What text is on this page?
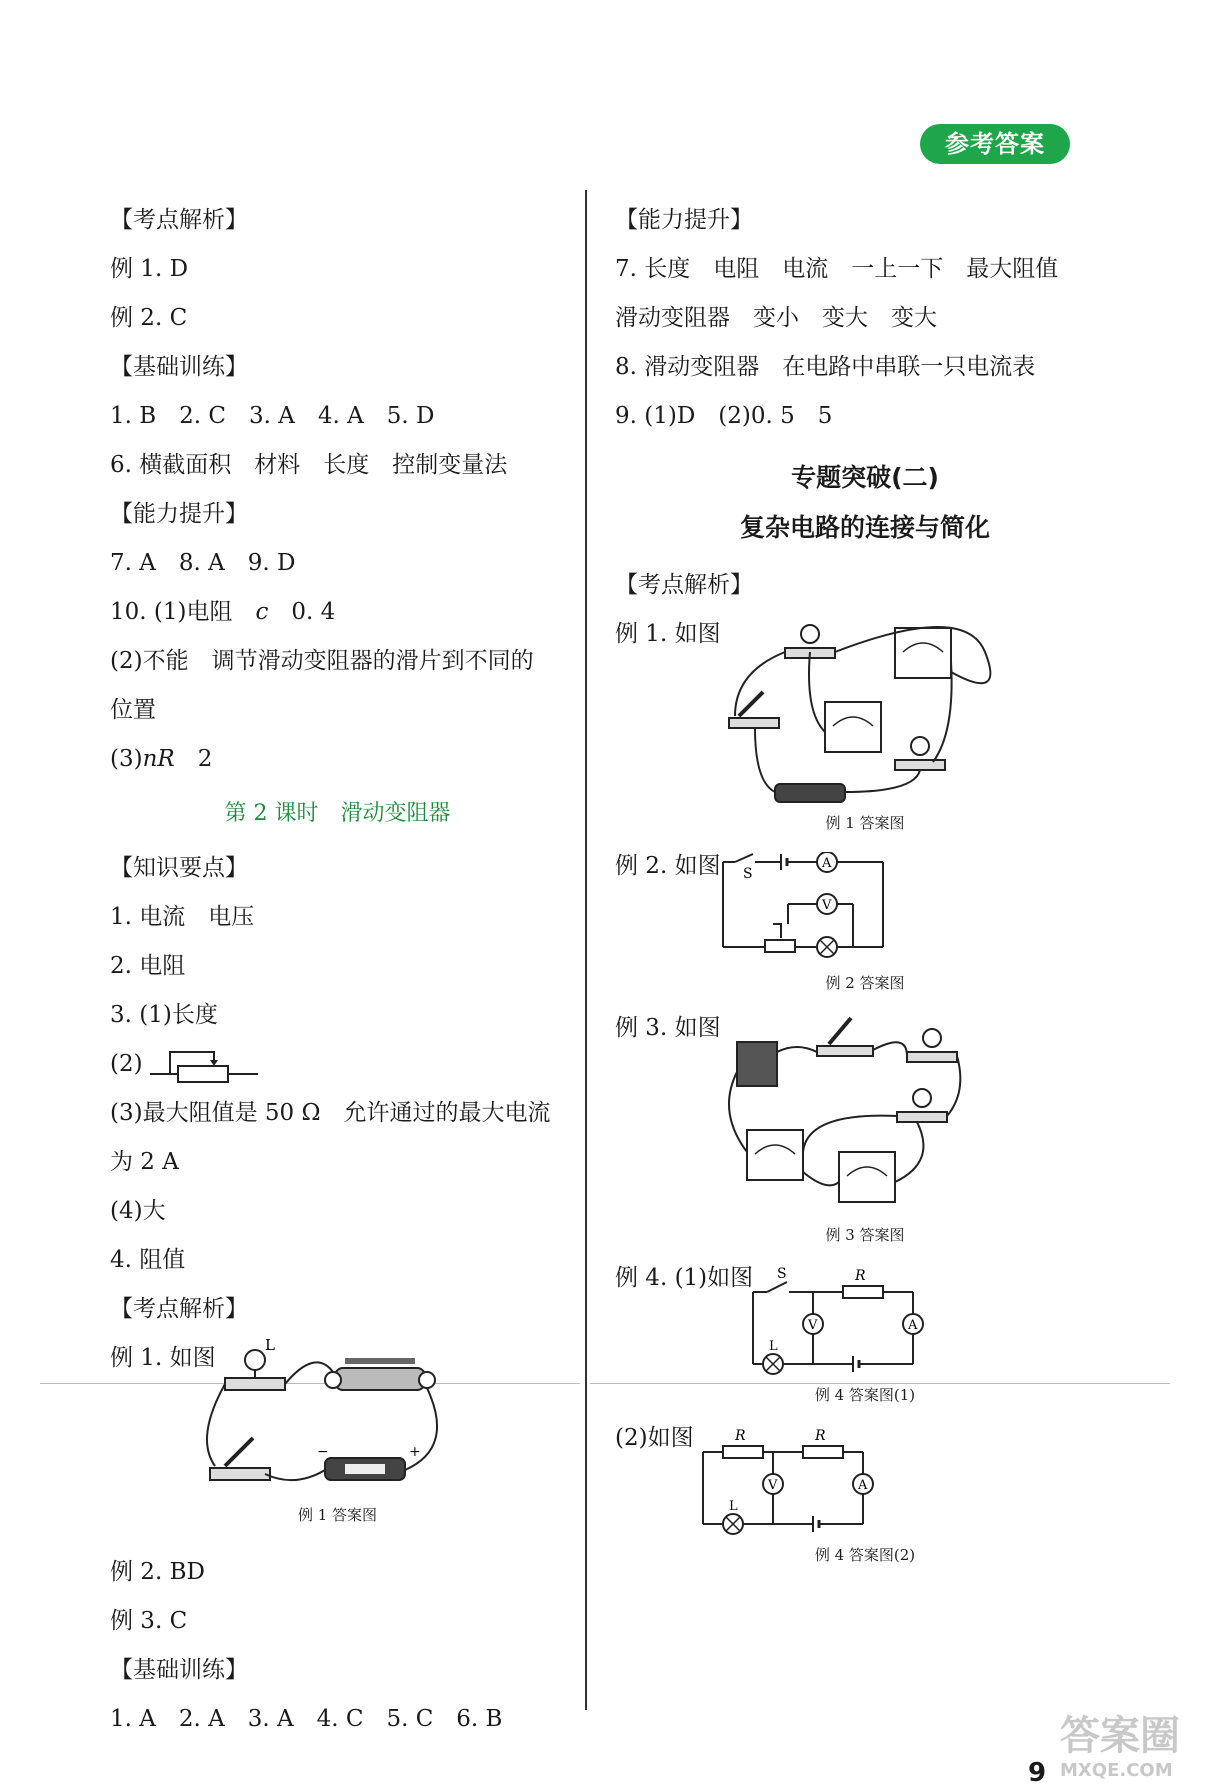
参考答案
【考点解析】
例 1. D
例 2. C
【基础训练】
1. B　2. C　3. A　4. A　5. D
6. 横截面积　材料　长度　控制变量法
【能力提升】
7. A　8. A　9. D
10. (1)电阻　c　0. 4
(2)不能　调节滑动变阻器的滑片到不同的
位置
(3)nR　2
第 2 课时　滑动变阻器
【知识要点】
1. 电流　电压
2. 电阻
3. (1)长度
(2)
(3)最大阻值是 50 Ω　允许通过的最大电流
为 2 A
(4)大
4. 阻值
【考点解析】
例 1. 如图	L
−	+
例 1 答案图
例 2. BD
例 3. C
【基础训练】
1. A　2. A　3. A　4. C　5. C　6. B
【能力提升】
7. 长度　电阻　电流　一上一下　最大阻值
滑动变阻器　变小　变大　变大
8. 滑动变阻器　在电路中串联一只电流表
9. (1)D　(2)0. 5　5
专题突破(二)
复杂电路的连接与简化
【考点解析】
例 1. 如图
例 1 答案图
例 2. 如图 S
A
V
例 2 答案图
例 3. 如图
例 3 答案图
例 4. (1)如图 S	R
V	A
L
例 4 答案图(1)
(2)如图	R	R
V	A
L
例 4 答案图(2)
9
答案圈
MXQE.COM
